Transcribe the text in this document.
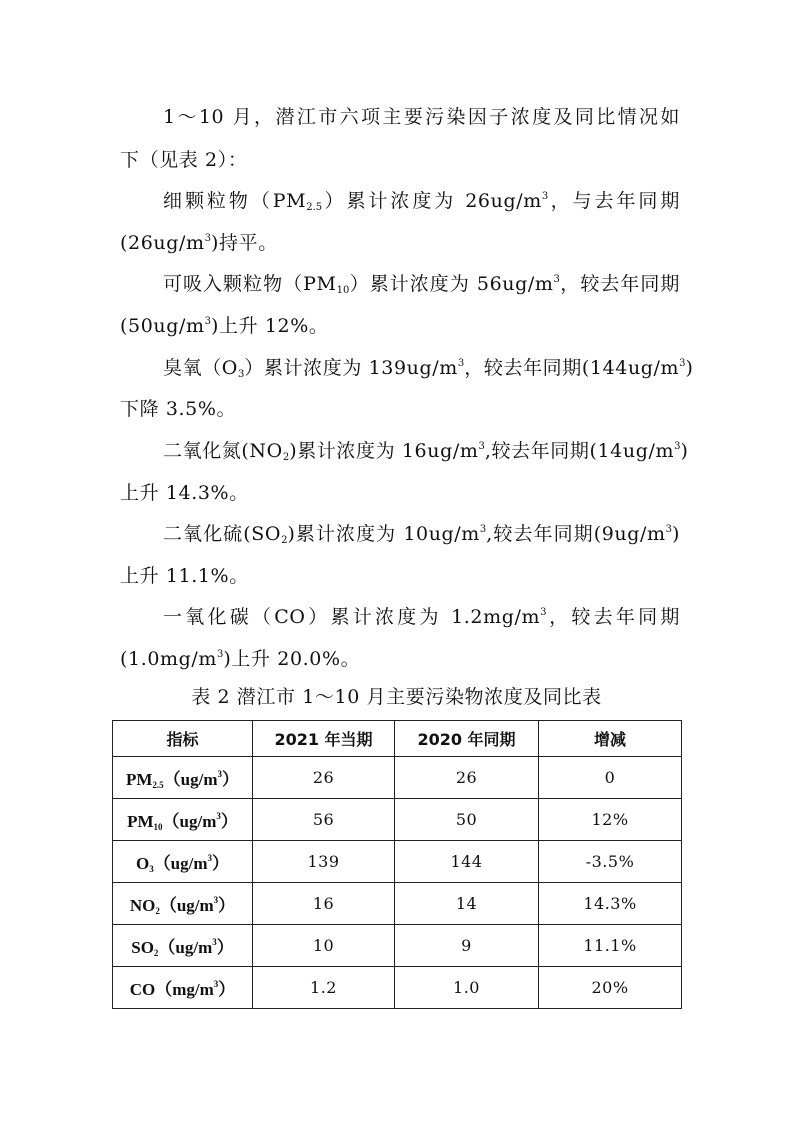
1～10 月，潜江市六项主要污染因子浓度及同比情况如
下（见表 2）：
细颗粒物$(PM_{2.5})$累计浓度为 $26ug/m^3$，与去年同期
$(26ug/m^3)$持平。
可吸入颗粒物$(PM_{10})$累计浓度为 $56ug/m^3$，较去年同期
$(50ug/m^3)$上升 12%。
臭氧$(O_3)$累计浓度为 $139ug/m^3$，较去年同期$(144ug/m^3)$
下降 3.5%。
二氧化氮$(NO_2)$累计浓度为 $16ug/m^3$,较去年同期$(14ug/m^3)$
上升 14.3%。
二氧化硫$(SO_2)$累计浓度为 $10ug/m^3$,较去年同期$(9ug/m^3)$
上升 11.1%。
一氧化碳（CO）累计浓度为 $1.2mg/m^3$，较去年同期
$(1.0mg/m^3)$上升 20.0%。
表 2 潜江市 1～10 月主要污染物浓度及同比表
指标	2021 年当期	2020 年同期	增减
$PM_{2.5}(ug/m^3)$	26	26	0
$PM_{10}(ug/m^3)$	56	50	12%
$O_3(ug/m^3)$	139	144	-3.5%
$NO_2(ug/m^3)$	16	14	14.3%
$SO_2(ug/m^3)$	10	9	11.1%
$CO(mg/m^3)$	1.2	1.0	20%
